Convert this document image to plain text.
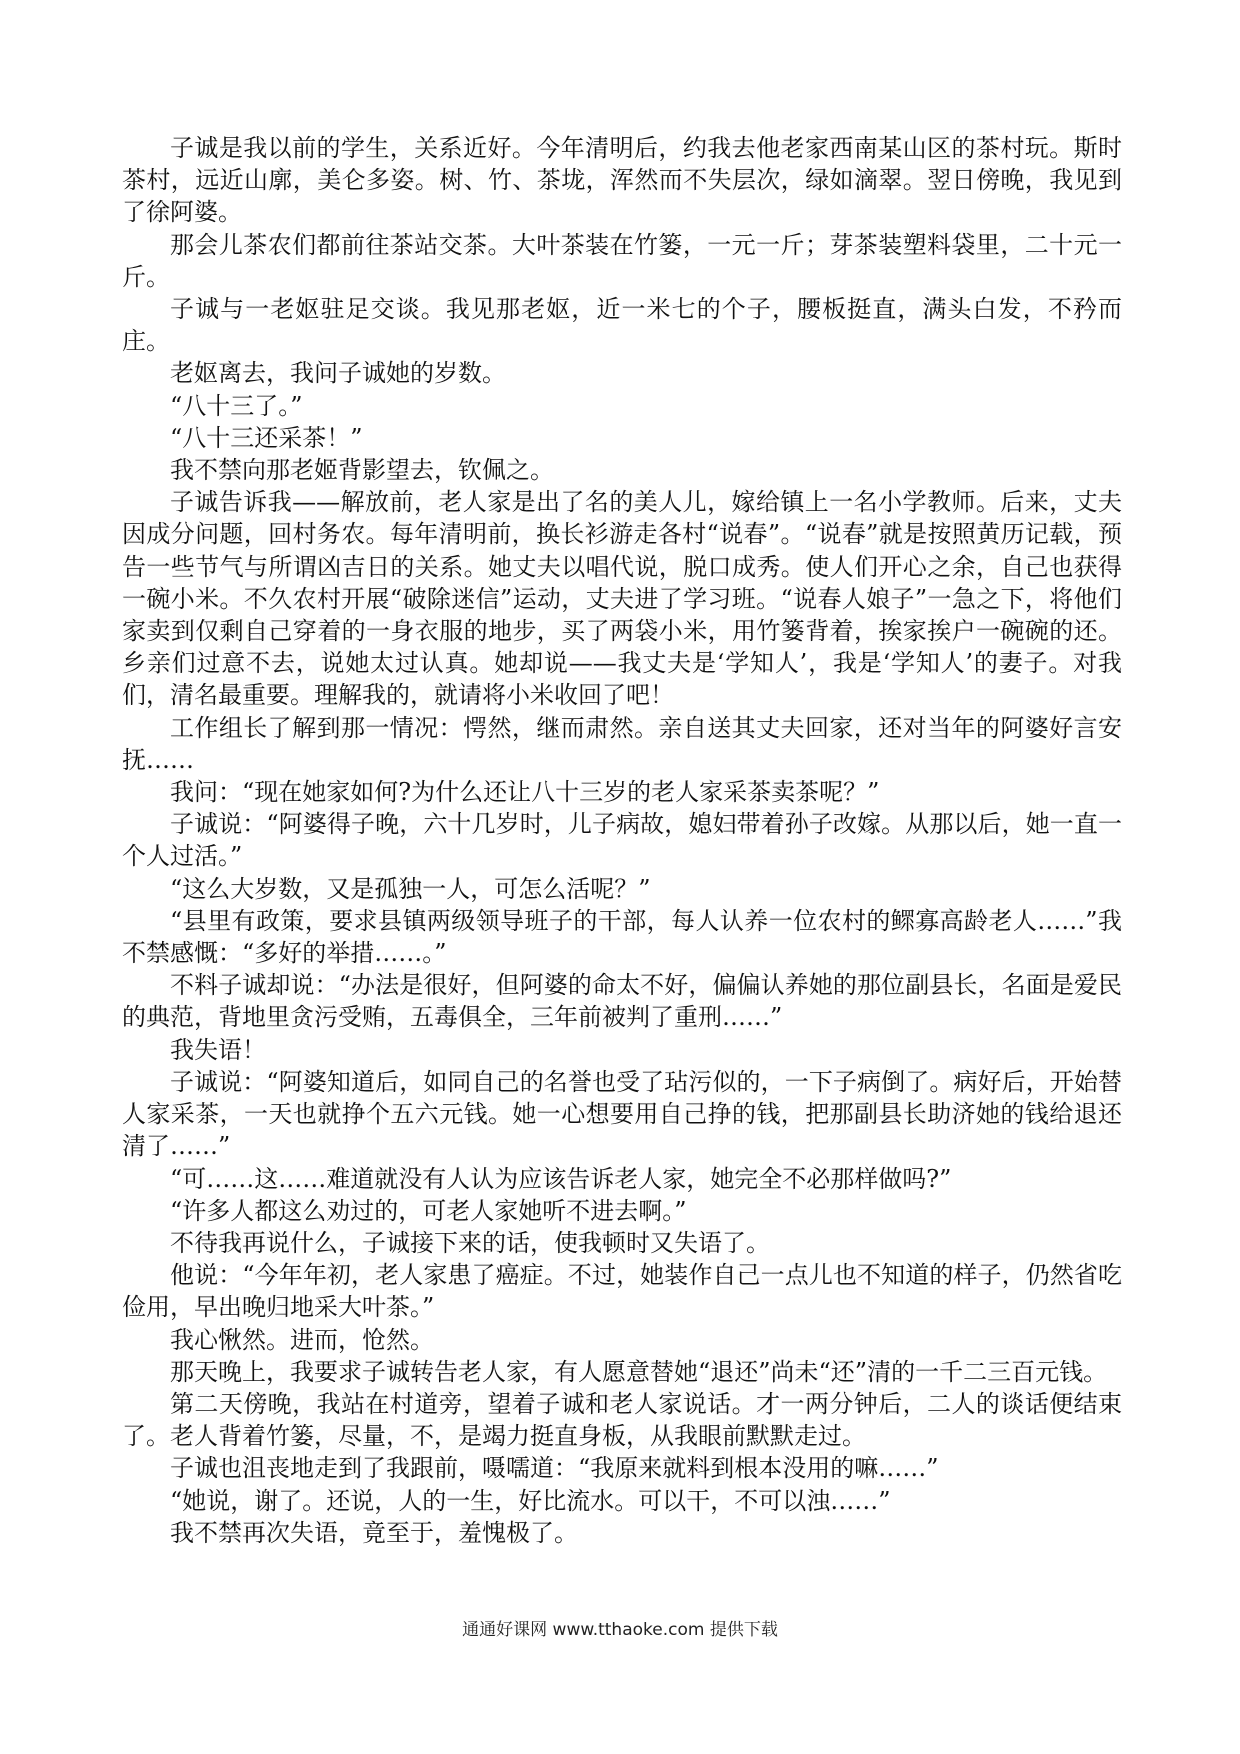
子诚是我以前的学生，关系近好。今年清明后，约我去他老家西南某山区的茶村玩。斯时茶村，远近山廓，美仑多姿。树、竹、茶垅，浑然而不失层次，绿如滴翠。翌日傍晚，我见到了徐阿婆。

那会儿茶农们都前往茶站交茶。大叶茶装在竹篓，一元一斤；芽茶装塑料袋里，二十元一斤。

子诚与一老妪驻足交谈。我见那老妪，近一米七的个子，腰板挺直，满头白发，不矜而庄。

老妪离去，我问子诚她的岁数。

“八十三了。”

“八十三还采茶！”

我不禁向那老姬背影望去，钦佩之。

子诚告诉我——解放前，老人家是出了名的美人儿，嫁给镇上一名小学教师。后来，丈夫因成分问题，回村务农。每年清明前，换长衫游走各村“说春”。“说春”就是按照黄历记载，预告一些节气与所谓凶吉日的关系。她丈夫以唱代说，脱口成秀。使人们开心之余，自己也获得一碗小米。不久农村开展“破除迷信”运动，丈夫进了学习班。“说春人娘子”一急之下，将他们家卖到仅剩自己穿着的一身衣服的地步，买了两袋小米，用竹篓背着，挨家挨户一碗碗的还。乡亲们过意不去，说她太过认真。她却说——我丈夫是‘学知人’，我是‘学知人’的妻子。对我们，清名最重要。理解我的，就请将小米收回了吧！

工作组长了解到那一情况：愕然，继而肃然。亲自送其丈夫回家，还对当年的阿婆好言安抚……

我问：“现在她家如何?为什么还让八十三岁的老人家采茶卖茶呢？”

子诚说：“阿婆得子晚，六十几岁时，儿子病故，媳妇带着孙子改嫁。从那以后，她一直一个人过活。”

“这么大岁数，又是孤独一人，可怎么活呢？”

“县里有政策，要求县镇两级领导班子的干部，每人认养一位农村的鳏寡高龄老人……”我不禁感慨：“多好的举措……。”

不料子诚却说：“办法是很好，但阿婆的命太不好，偏偏认养她的那位副县长，名面是爱民的典范，背地里贪污受贿，五毒俱全，三年前被判了重刑……”

我失语！

子诚说：“阿婆知道后，如同自己的名誉也受了玷污似的，一下子病倒了。病好后，开始替人家采茶，一天也就挣个五六元钱。她一心想要用自己挣的钱，把那副县长助济她的钱给退还清了……”

“可……这……难道就没有人认为应该告诉老人家，她完全不必那样做吗?”

“许多人都这么劝过的，可老人家她听不进去啊。”

不待我再说什么，子诚接下来的话，使我顿时又失语了。

他说：“今年年初，老人家患了癌症。不过，她装作自己一点儿也不知道的样子，仍然省吃俭用，早出晚归地采大叶茶。”

我心愀然。进而，怆然。

那天晚上，我要求子诚转告老人家，有人愿意替她“退还”尚未“还”清的一千二三百元钱。

第二天傍晚，我站在村道旁，望着子诚和老人家说话。才一两分钟后，二人的谈话便结束了。老人背着竹篓，尽量，不，是竭力挺直身板，从我眼前默默走过。

子诚也沮丧地走到了我跟前，嗫嚅道：“我原来就料到根本没用的嘛……”

“她说，谢了。还说，人的一生，好比流水。可以干，不可以浊……”

我不禁再次失语，竟至于，羞愧极了。

通通好课网 www.tthaoke.com 提供下载
